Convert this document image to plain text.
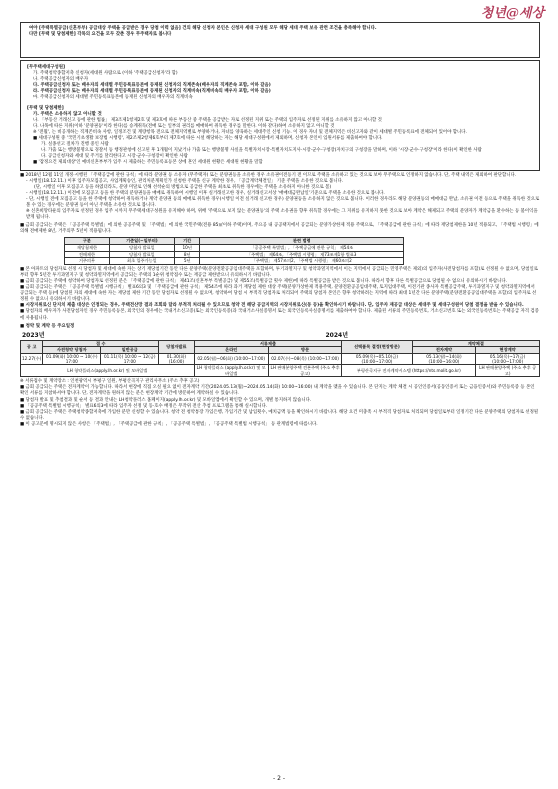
청년@세상

여야 [주택특별공급(신혼부부) 공급대상 주택을 공급받은 경우 당첨 이력 없음] 건의 해당 신청자 본인은 신청자 세대 구성원 모두 해당 세대 주택 보유 관련 조건을 충족해야 합니다.

다만 [무택 및 당첨제한] 각목의 요건을 모두 갖춘 경우 무주택자로 봅니다

[무주택세대구성원]
가. 주택청약종합저축 신청자(세대원 사람으로 (이하 '주택공급신청자'라 함)
나. 주택공급신청자의 배우자
다. 주택공급신청자 또는 배우자의 세대별 주민등록표등본에 등재된 신청자의 직계존속(배우자의 직계존속 포함, 이하 같음)
라. 주택공급신청자 또는 배우자의 세대별 주민등록표등본에 등재된 신청자의 직계비속(직계비속의 배우자 포함, 이하 같음)
마. 주택공급신청자의 세대별 주민등록표등본에 등재된 신청자의 배우자의 직계비속
[무택 및 당첨제한]
가. 주택은 소유하지 않고 아니할 것
나. 「부동산 거래신고 등에 관한 법률」 제3조제1항제2호 및 제3호에 따른 부동산 중 주택을 공급받는 자로 선정된 지위 또는 주택의 입주자로 선정된 지위를 소유하지 않고 아니할 것
다. 나목에 따른 지위(이하 '분양권등'이라 한다)를 승계취득(전매 또는 일부의 권리를 매매하여 취득한 경우를 말한다. 이하 같다)하여 소유하지 않고 아니할 것
※ '전월', 는 비공개하는 직계존비속 사항, 일정조건 및 계량항목 전으로 전체지역별로 부양하거나, 자녀를 양육하는 세대주인 신청 기능. 이 경우 자녀 및 전체지역은 비신고자와 같이 세대별 주민등록표에 전체되어 있어야 합니다.
■ 세대구성원 중 '국민기초생활 보장법 시행령', 제2조제2항제6호부터 제7호에 따른 시설 해당하는 자는 해당 세대구성원에서 제외하며, 신청자 본인이 입원서류를 제출하여야 합니다.
가. 실종선고 절차가 진행 중인 사람
나. 가출 또는 행방불명으로 경찰서 등 행정관청에 신고된 후 1개월이 지났거나 가출 또는 행방불명 사실을 특별자치시장·특별자치도지사·시장·군수·구청장(자치구의 구청장을 말하며, 이하 '시장·군수·구청장'이라 한다)이 확인한 사람
다. 공급신청자와 세대 및 주거를 달리한다고 시장·군수·구청장이 확인한 사람
■ '잠정요건 제외대상'인 예비신혼부부가 입주 시 제출하는 주민등록표등본 상에 혼인 세대원 현황은 세대원 현황을 말함
■ 2018년 12월 11일 개정·시행된 「주택공급에 관한 규칙」에 따라 분양권 등 소유자 (무주택자) 또는 분양권등을 소유한 경우 소유권이전등기 전 이므로 주택을 소유하고 있는 것으로 보아 무주택으로 인정하지 않습니다. 단, 주택 내역은 제외하여 판단합니다.
- 시행일(18.12.11.) 이후 입주자모집공고, 사업계획승인, 관리처분계획인가 신청한 주택을 신규 계약한 경우, 「공급계약체결일」 기준 주택을 소유한 것으로 봅니다.
(단, 시행일 이후 모집공고 등을 하였더라도, 분양 미달로 인해 선착순의 방법으로 공급한 주택을 최초로 취득한 경우에는 주택을 소유하지 아니한 것으로 봄)
- 시행일(18.12.11.) 이전에 모집공고 등을 한 주택의 분양권등을 매매로 취득하여 시행일 이후 실거래신고한 경우, 실거래신고서상 '매매대금완납일'기준으로 주택을 소유한 것으로 봅니다.
- 단, 시행일 전에 모집공고 등을 한 주택에 청약하여 취득하거나 계약 분양권 등의 매매로 취득한 경우(시행일 이전 실거래 신고한 경우) 분양권등을 소유하지 않은 것으로 봅니다. 이러한 경우라도 해당 분양권등의 매매대금 완납, 소유권 이전 등으로 주택을 취득한 것으로 볼 수 있는 경우에는 분양권 등이 아닌 주택을 소유한 것으로 봅니다.
※ 신혼희망타운의 입주자로 선정된 경우 입주 시까지 무주택세대구성원을 유지해야 하며, 위배 '주택으로 보지 않는 분양권등'의 주택 소유권을 향후 취득할 경우에는 그 지위를 유지하지 못한 것으로 보아 계약은 해제되고 주택의 분양자가 계약금을 환수하는 등 불이익을 받게 됩니다.
■ 금회 공급되는 주택은 「공공주택 특별법」에 의한 공공주택 및 「주택법」에 의한 국민주택(전용 85㎡이하 주택)이며, 주요공 내 공공택지에서 공급되는 분양가상한제 적용 주택으로, 「주택공급에 관한 규칙」에 따라 재당첨제한을 10년 적용되고, 「주택법 시행령」에 의해 전매제한 8년, 거주의무 5년이 적용됩니다.
구분	기준일(~일부터)	기간	관련 법령
재당첨제한	당첨자 발표일	10년	「공공주택 특별법」, 「주택공급에 관한 규칙」 제54조
전매제한	당첨자 발표일	8년	「주택법」 제64조, 「주택법 시행령」 제73조제1항 별표3
거주의무	최초 입주가능일	5년	「주택법」 제57조의2, 「주택법 시행령」 제60조의2
■ 본 아파트의 당첨자로 선정 시 당첨자 및 세대에 속한 자는 상기 재당첨기간 동안 다른 분양주택(분양전환공공임대주택을 포함하며, 투기과열지구 및 청약과열지역에서 이는 지역에서 공급되는 민영주택은 제외)의 입주자(사전당첨자를 포함)로 선정될 수 없으며, 당첨일로부터 향후 5년간 투기과열지구 및 청약과열지역에서 공급되는 주택의 1순위 청약접수 또는 재공급 제한받으니 유의하시기 바랍니다.
■ 금회 공급되는 주택에 청약하여 당첨자로 선정된 분은 「주택공급에 관한 규칙」 제41조(신혼부부 특별공급) 및 제55조(특별공급 횟수 제한)에 따라 특별공급을 받은 것으로 봅니다. 따라서 향후 다른 특별공급으로 당첨될 수 없으니 유의하시기 바랍니다.
■ 금회 공급되는 주택은 「공공주택 특별법 시행규칙」 별표6의3 및 「주택공급에 관한 규칙」 제54조에 따라 과거 재당첨 제한 대상 주택(분양가상한제 적용주택, 분양전환공공임대주택, 토지임대주택, 이전기관 종사자 특별공급주택, 투기과열지구 및 청약과열지역에서 공급되는 주택 등)에 당첨된 자의 세대에 속한 자는 재당첨 제한 기간 동안 당첨자로 선정될 수 없으며, 청약하여 당첨 시 부적격 당첨자로 처리되어 주택의 당첨자 본인은 향후 청약하려는 지역에 따라 최대 1년간 다른 분양주택(분양전환공공임대주택을 포함)의 입주자로 선정될 수 없으니 유의하시기 바랍니다.
■ 시장지위로신 단지치 제출 대상은 인정되는 경우, 주택전산망 결과 조회와 달라 부적격 처리될 수 있으므로 청약 전 해당 공급지역의 시장지위로신(동 등)을 확인하시기 바랍니다. 단, 입주자 재공급 대상은 세대주 및 세대구성원이 당첨 결정을 받을 수 있습니다.
■ 당첨자의 배우자가 사전당첨자인 경우 주민등록등본, 외국인의 경우에는 국내거소신고증(또는 외국인등록증)과 국내거소사실증명서 또는 외국인등록사실증명서를 제출하여야 합니다. 제출된 서류의 주민등록번호, 거소신고번호 또는 외국인등록번호는 주택공급 자격 검증에 사용됩니다.
■ 청약 및 계약 등 주요일정
2023년	2024년
공 고	접 수		당첨자발표	서류제출		선택품목 결정(현장방문)	계약체결	
	사전청약 당첨자	일반공급		온라인	방문		전자계약	현장계약
12.27(수)	01.09(화) 10:00 ~ 10(수) 17:00	01.11(목) 10:00 ~ 12(금) 17:00	01.30(화) (16:00)	02.05(월)~06(화) (10:00~17:00)	02.07(수)~08(목) (10:00~17:00)	05.09(목)~05.10(금) (10:00~17:00)	05.13(월)~14(화) (10:00~16:00)	05.16(목)~17(금) (10:00~17:00)
LH 청약플러스(apply.lh.or.kr) 및 모바일앱				LH 청약플러스 (apply.lh.or.kr) 및 모바일앱	LH 판매분양주택 견본주택 (주소 추후 공고)	부평산곡지구 전자계약시스템 (https://nts.molit.go.kr)		LH 판매분양주택 (주소 추후 공고)
※ 서류접수 및 계약장소 : 인천광역시 부평구 일원, 부평산곡지구 관리사무소 (주소 추후 공고)
■ 금회 공급되는 주택은 전자계약이 가능합니다. 따라서 현장에 직접 오실 필요 없이 전자계약 기간(2024.05.13(월)~2024.05.14(화) 10:00~16:00) 내 계약을 맺을 수 있습니다. 본 단지는 계약 체결 시 공인인증서(공동인증서 또는 금융인증서)와 주민등록증 등 본인 확인 서류를 지참하셔야 합니다. 단, 전자계약을 원하지 않는 분은 현장계약 기간에 방문하여 계약하실 수 있습니다.
■ 당첨자 발표 및 추첨결과 및 순서 등 결과 안내는 LH청약플러스 홈페이지(apply.lh.or.kr) 및 모바일앱에서 확인할 수 있으며, 개별 통지하지 않습니다.
■ 「공공주택 특별법 시행규칙」 별표6의3에 따라 입주자 선정 및 동·호수 배정은 무작위 전산 추첨 프로그램을 통해 실시합니다.
■ 금회 공급되는 주택은 주택청약종합저축에 가입한 분만 신청할 수 있습니다. 청약 전 청약통장 가입은행, 가입기간 및 납입횟수, 예치금액 등을 확인하시기 바랍니다. 해당 요건 미충족 시 부적격 당첨자로 처리되며 당첨일로부터 일정기간 다른 분양주택의 당첨자로 선정될 수 없습니다.
■ 이 공고문에 명시되지 않은 사항은 「주택법」, 「주택공급에 관한 규칙」, 「공공주택 특별법」, 「공공주택 특별법 시행규칙」 등 관계법령에 따릅니다.
- 2 -
